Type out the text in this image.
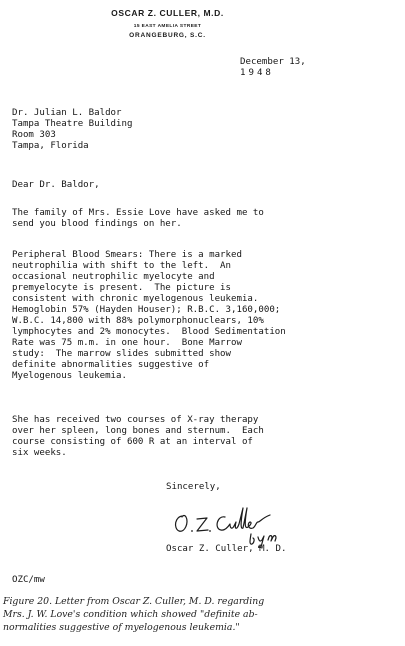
OSCAR Z. CULLER, M.D.
15 EAST AMELIA STREET
ORANGEBURG, S.C.
December 13,
1948
Dr. Julian L. Baldor
Tampa Theatre Building
Room 303
Tampa, Florida
Dear Dr. Baldor,
The family of Mrs. Essie Love have asked me to
send you blood findings on her.
Peripheral Blood Smears: There is a marked
neutrophilia with shift to the left.  An
occasional neutrophilic myelocyte and
premyelocyte is present.  The picture is
consistent with chronic myelogenous leukemia.
Hemoglobin 57% (Hayden Houser); R.B.C. 3,160,000;
W.B.C. 14,800 with 88% polymorphonuclears, 10%
lymphocytes and 2% monocytes.  Blood Sedimentation
Rate was 75 m.m. in one hour.  Bone Marrow
study:  The marrow slides submitted show
definite abnormalities suggestive of
Myelogenous leukemia.
She has received two courses of X-ray therapy
over her spleen, long bones and sternum.  Each
course consisting of 600 R at an interval of
six weeks.
Sincerely,
Oscar Z. Culler, M. D.
OZC/mw
Figure 20. Letter from Oscar Z. Culler, M. D. regarding
Mrs. J. W. Love's condition which showed "definite ab-
normalities suggestive of myelogenous leukemia."
